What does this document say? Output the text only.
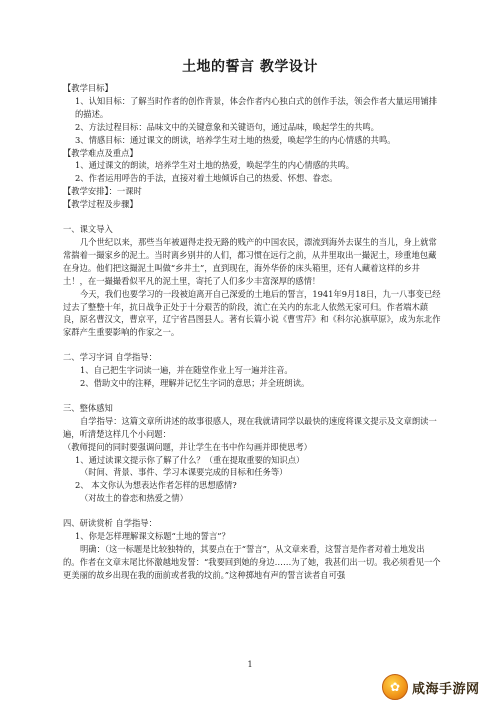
土地的誓言 教学设计

【教学目标】

1、认知目标：了解当时作者的创作背景，体会作者内心独白式的创作手法，领会作者大量运用铺排的描述。

2、方法过程目标：品味文中的关键意象和关键语句，通过品味，唤起学生的共鸣。

3、情感目标：通过课文的朗读，培养学生对土地的热爱，唤起学生的内心情感的共鸣。

【教学难点及重点】

1、通过课文的朗读，培养学生对土地的热爱，唤起学生的内心情感的共鸣。

2、作者运用呼告的手法，直接对着土地倾诉自己的热爱、怀想、眷恋。

【教学安排】：一课时

【教学过程及步骤】

一、课文导入

几个世纪以来，那些当年被逼得走投无路的贱产的中国农民，漂流到海外去谋生的当儿，身上就常常揣着一撮家乡的泥土。当时离乡别井的人们，都习惯在远行之前，从井里取出一撮泥土，珍重地包藏在身边。他们把这撮泥土叫做“乡井土”，直到现在，海外华侨的床头箱里，还有人藏着这样的乡井土！，在一撮撮看似平凡的泥土里，寄托了人们多少丰富深厚的感情！

今天，我们也要学习的一段被迫离开自己深爱的土地后的誓言，1941年9月18日，九一八事变已经过去了整整十年，抗日战争正处于十分艰苦的阶段，流亡在关内的东北人依然无家可归。作者端木蕻良，原名曹汉文，曹京平，辽宁省昌图县人。著有长篇小说《曹雪芹》和《科尔沁旗草原》，成为东北作家群产生重要影响的作家之一。

二、学习字词 自学指导：

1、自己把生字词读一遍，并在随堂作业上写一遍并注音。

2、借助文中的注释，理解并记忆生字词的意思；并全班朗读。

三、整体感知

自学指导：这篇文章所讲述的故事很感人，现在我就请同学以最快的速度将课文提示及文章朗读一遍，听清楚这样几个小问题：

（教师提问的同时要强调问题，并让学生在书中作勾画并即使思考）

1、通过读课文提示你了解了什么？（重在提取重要的知识点）

（时间、背景、事件、学习本课要完成的目标和任务等）

2、 本文你认为想表达作者怎样的思想感情?

（对故土的眷恋和热爱之情）

四、研读赏析 自学指导：

1、你是怎样理解课文标题“土地的誓言”？

明确：（这一标题是比较独特的，其要点在于“誓言”，从文章来看，这誓言是作者对着土地发出的。作者在文章末尾比怀激越地发誓：“我要回到她的身边……为了她，我甚们出一切。我必须看见一个更美丽的故乡出现在我的面前或者我的坟前。”这种掷地有声的誓言读者自可强

1
✿ 咸海手游网
